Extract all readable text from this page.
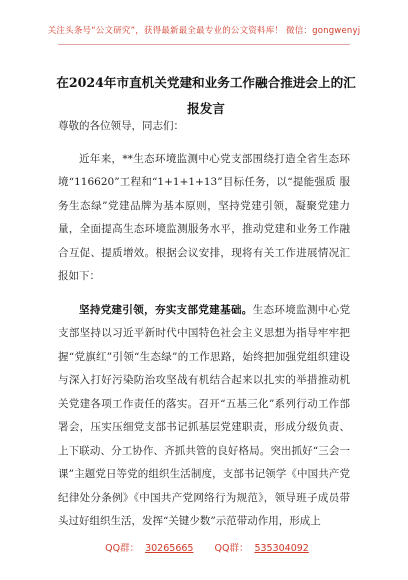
关注头条号“公文研究”，获得最新最全最专业的公文资料库！ 微信：gongwenyj
在2024年市直机关党建和业务工作融合推进会上的汇报发言

尊敬的各位领导，同志们：

近年来，**生态环境监测中心党支部围绕打造全省生态环境“116620”工程和“1+1+1+13”目标任务，以“提能强质 服务生态绿”党建品牌为基本原则，坚持党建引领，凝聚党建力量，全面提高生态环境监测服务水平，推动党建和业务工作融合互促、提质增效。根据会议安排，现将有关工作进展情况汇报如下：

坚持党建引领，夯实支部党建基础。生态环境监测中心党支部坚持以习近平新时代中国特色社会主义思想为指导牢牢把握“党旗红”引领“生态绿”的工作思路，始终把加强党组织建设与深入打好污染防治攻坚战有机结合起来以扎实的举措推动机关党建各项工作责任的落实。召开“五基三化”系列行动工作部署会，压实压细党支部书记抓基层党建职责，形成分级负责、上下联动、分工协作、齐抓共管的良好格局。突出抓好“三会一课”主题党日等党的组织生活制度，支部书记领学《中国共产党纪律处分条例》《中国共产党网络行为规范》，领导班子成员带头过好组织生活，发挥“关键少数”示范带动作用，形成上

QQ群： 30265665 QQ群： 535304092
